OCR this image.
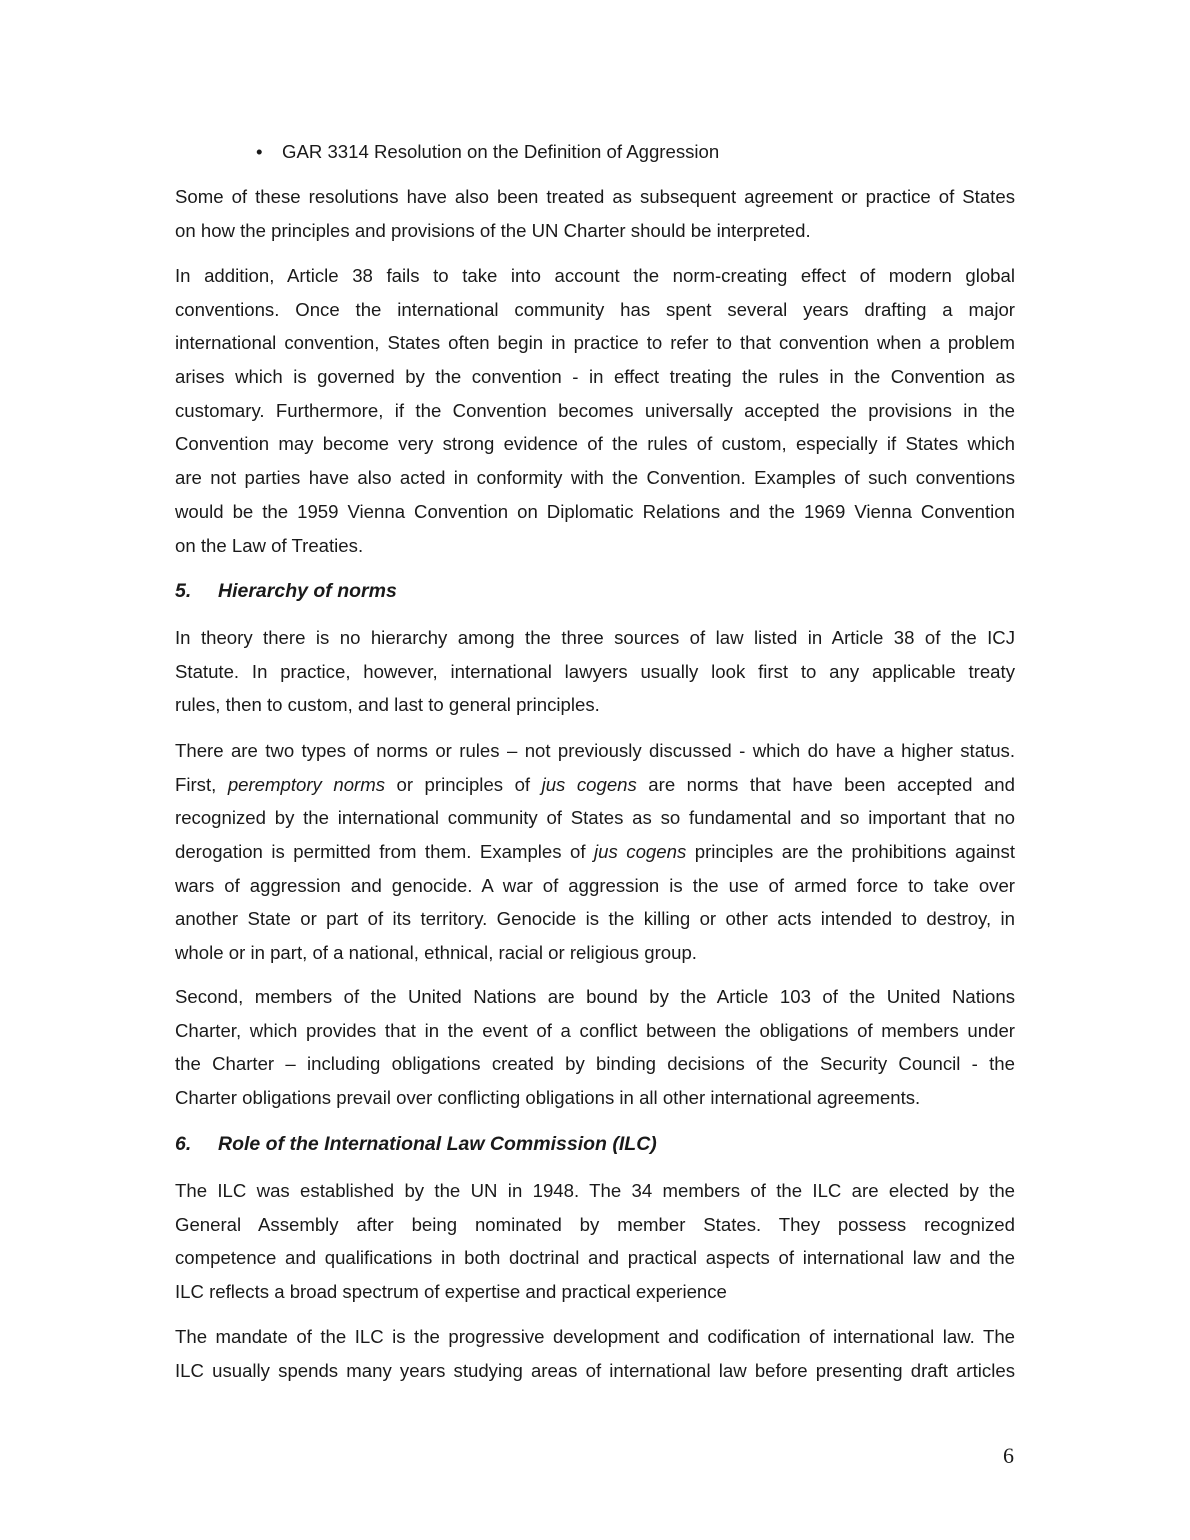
• GAR 3314 Resolution on the Definition of Aggression
Some of these resolutions have also been treated as subsequent agreement or practice of States
on how the principles and provisions of the UN Charter should be interpreted.
In addition, Article 38 fails to take into account the norm-creating effect of modern global
conventions. Once the international community has spent several years drafting a major
international convention, States often begin in practice to refer to that convention when a problem
arises which is governed by the convention - in effect treating the rules in the Convention as
customary. Furthermore, if the Convention becomes universally accepted the provisions in the
Convention may become very strong evidence of the rules of custom, especially if States which
are not parties have also acted in conformity with the Convention. Examples of such conventions
would be the 1959 Vienna Convention on Diplomatic Relations and the 1969 Vienna Convention
on the Law of Treaties.
5. Hierarchy of norms
In theory there is no hierarchy among the three sources of law listed in Article 38 of the ICJ
Statute. In practice, however, international lawyers usually look first to any applicable treaty
rules, then to custom, and last to general principles.
There are two types of norms or rules – not previously discussed - which do have a higher status.
First, peremptory norms or principles of jus cogens are norms that have been accepted and
recognized by the international community of States as so fundamental and so important that no
derogation is permitted from them. Examples of jus cogens principles are the prohibitions against
wars of aggression and genocide. A war of aggression is the use of armed force to take over
another State or part of its territory. Genocide is the killing or other acts intended to destroy, in
whole or in part, of a national, ethnical, racial or religious group.
Second, members of the United Nations are bound by the Article 103 of the United Nations
Charter, which provides that in the event of a conflict between the obligations of members under
the Charter – including obligations created by binding decisions of the Security Council - the
Charter obligations prevail over conflicting obligations in all other international agreements.
6. Role of the International Law Commission (ILC)
The ILC was established by the UN in 1948. The 34 members of the ILC are elected by the
General Assembly after being nominated by member States. They possess recognized
competence and qualifications in both doctrinal and practical aspects of international law and the
ILC reflects a broad spectrum of expertise and practical experience
The mandate of the ILC is the progressive development and codification of international law. The
ILC usually spends many years studying areas of international law before presenting draft articles
6
